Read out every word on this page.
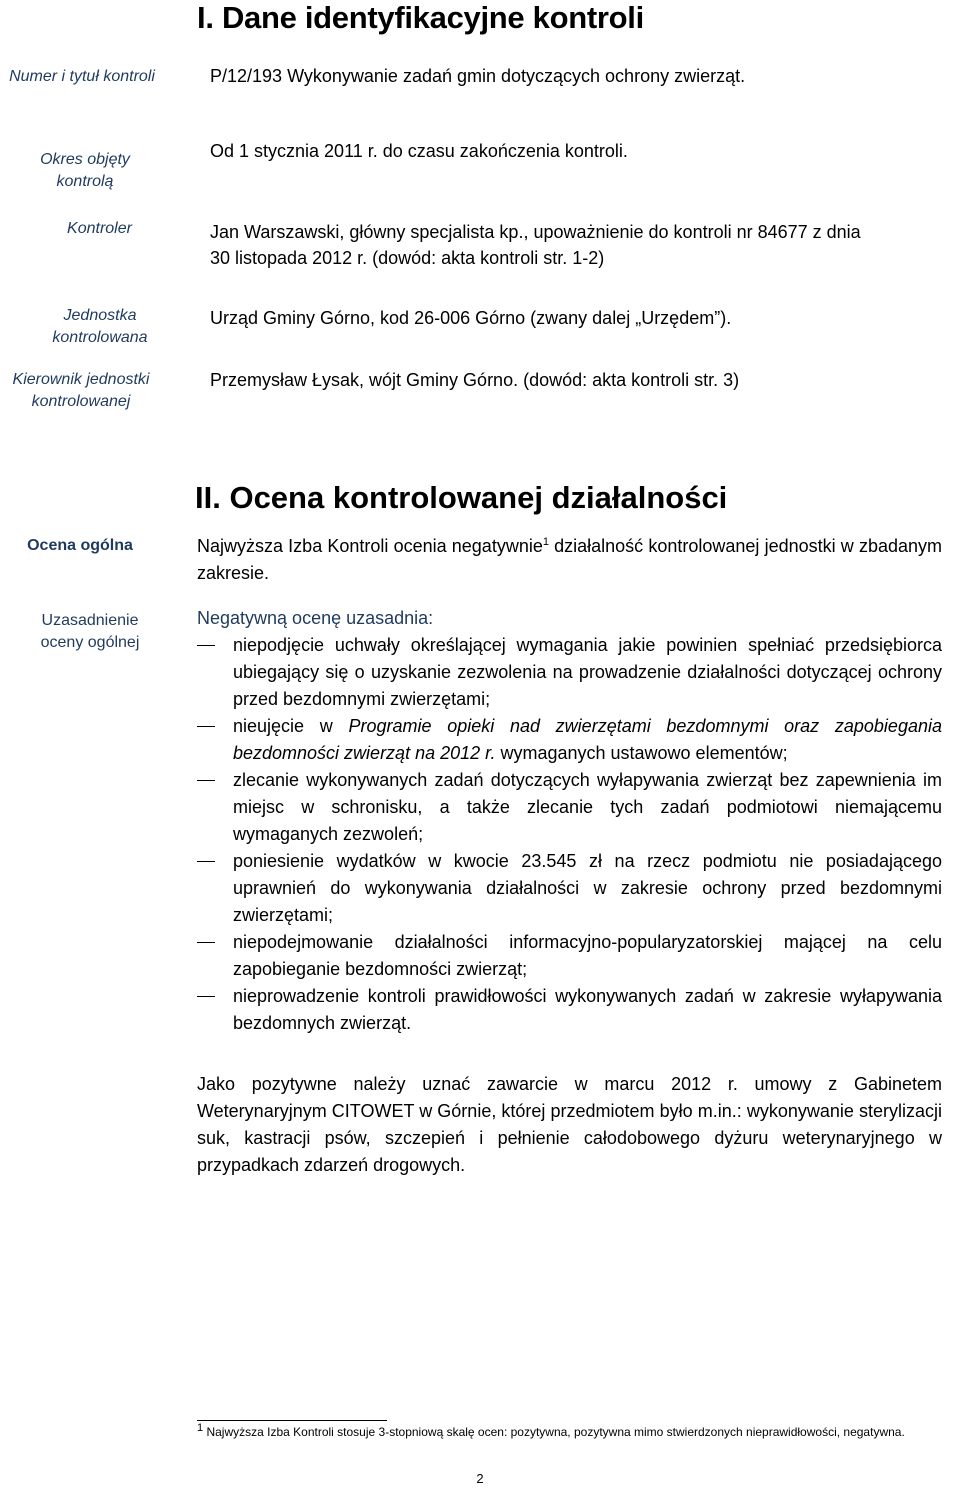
I. Dane identyfikacyjne kontroli
Numer i tytuł kontroli	P/12/193 Wykonywanie zadań gmin dotyczących ochrony zwierząt.
Okres objęty kontrolą
Od 1 stycznia 2011 r. do czasu zakończenia kontroli.
Kontroler	Jan Warszawski, główny specjalista kp., upoważnienie do kontroli nr 84677 z dnia
30 listopada 2012 r. (dowód: akta kontroli str. 1-2)
Jednostka kontrolowana
Urząd Gminy Górno, kod 26-006 Górno (zwany dalej „Urzędem”).
Kierownik jednostki kontrolowanej
Przemysław Łysak, wójt Gminy Górno. (dowód: akta kontroli str. 3)
II. Ocena kontrolowanej działalności
Ocena ogólna
Uzasadnienie oceny ogólnej
Najwyższa Izba Kontroli ocenia negatywnie$^1$ działalność kontrolowanej jednostki w zbadanym zakresie.
Negatywną ocenę uzasadnia:
niepodjęcie uchwały określającej wymagania jakie powinien spełniać przedsiębiorca ubiegający się o uzyskanie zezwolenia na prowadzenie działalności dotyczącej ochrony przed bezdomnymi zwierzętami;
nieujęcie w Programie opieki nad zwierzętami bezdomnymi oraz zapobiegania bezdomności zwierząt na 2012 r. wymaganych ustawowo elementów;
zlecanie wykonywanych zadań dotyczących wyłapywania zwierząt bez zapewnienia im miejsc w schronisku, a także zlecanie tych zadań podmiotowi niemającemu wymaganych zezwoleń;
poniesienie wydatków w kwocie 23.545 zł na rzecz podmiotu nie posiadającego uprawnień do wykonywania działalności w zakresie ochrony przed bezdomnymi zwierzętami;
niepodejmowanie działalności informacyjno-popularyzatorskiej mającej na celu zapobieganie bezdomności zwierząt;
nieprowadzenie kontroli prawidłowości wykonywanych zadań w zakresie wyłapywania bezdomnych zwierząt.
Jako pozytywne należy uznać zawarcie w marcu 2012 r. umowy z Gabinetem Weterynaryjnym CITOWET w Górnie, której przedmiotem było m.in.: wykonywanie sterylizacji suk, kastracji psów, szczepień i pełnienie całodobowego dyżuru weterynaryjnego w przypadkach zdarzeń drogowych.
$^1$ Najwyższa Izba Kontroli stosuje 3-stopniową skalę ocen: pozytywna, pozytywna mimo stwierdzonych nieprawidłowości, negatywna.
2
